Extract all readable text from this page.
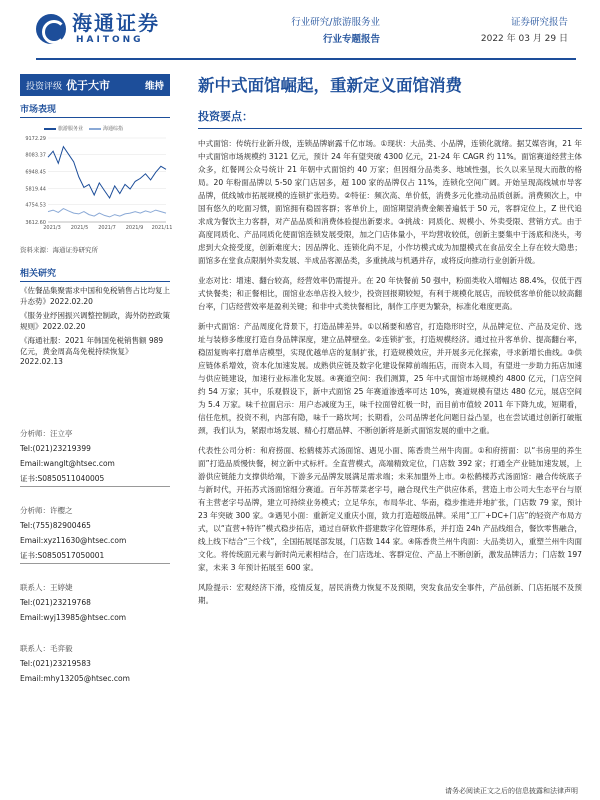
海通证券
HAITONG
行业研究/旅游服务业
行业专题报告
证券研究报告
2022 年 03 月 29 日
投资评级 优于大市	维持 新中式面馆崛起，重新定义面馆消费
市场表现
旅游服务业	海通综指
9172.29
8083.37
6948.45
5819.44
4754.53
3612.60
2021/3 2021/5 2021/7 2021/9 2021/11
资料来源：海通证券研究所
相关研究
《佐餐品集聚需求中国和免税销售占比均复上升态势》2022.02.20
《服务业纾困振兴调整控制政，海外防控政策规则》2022.02.20
《海通社服：2021 年韩国免税销售额 989 亿元，黄金周高岛免税持续恢复》2022.02.13
分析师：汪立亭
Tel:(021)23219399
Email:wanglt@htsec.com
证书:S0850511040005
分析师：许樱之
Tel:(755)82900465
Email:xyz11630@htsec.com
证书:S0850517050001
联系人：王婷婕
Tel:(021)23219768
Email:wyj13985@htsec.com
联系人：毛弈毅
Tel:(021)23219583
Email:mhy13205@htsec.com
投资要点：

中式面馆：传统行业新升级，连锁品牌崭露千亿市场。①现状：大品类、小品牌，连锁化就绪。据艾媒咨询，21 年中式面馆市场规模约 3121 亿元，预计 24 年有望突破 4300 亿元，21-24 年 CAGR 约 11%。面馆赛道经营主体众多，红餐网公众号统计 21 年朝中式面馆约 40 万家；但因细分品类多、地域性强，长久以来呈现大而散的格局。20 年粉面品牌以 5-50 家门店居多，超 100 家的品牌仅占 11%，连锁化空间广阔。开始呈现高线城市导客品牌，低线城市拓展规模的连锁扩张趋势。②特征：频次高、单价低，消费多元化推动品质创新。消费频次上，中国有悠久的吃面习惯，面馆拥有稳固客群；客单价上，面馆期望消费金额普遍低于 50 元，客群定位上，Z 世代追求成为餐饮主力客群，对产品品质和消费体验提出新要求。③挑战：同质化、规模小、外卖受限、营销方式。由于高度同质化、产品同质化使面馆连锁发展受限，加之门店体量小，平均营收较低，创新主要集中于汤底和浇头，考虑到大众接受度，创新难度大；因品牌化、连锁化尚不足，小作坊模式成为加盟模式在食品安全上存在较大隐患；面馆多在堂食点限制外卖发展、半成品客源品类，多重挑战与机遇并存，或将反向推动行业创新升级。

业态对比：增速、翻台较高，经营效率仍需提升。在 20 年快餐前 50 强中，粉面类收入增幅达 88.4%，仅低于西式快餐类；和正餐相比，面馆业态单店投入较少，投资回报期较短，有利于规模化展店，而较低客单价能以较高翻台率，门店经营效率是盈利关键；和非中式类快餐相比，制作工序更为繁杂，标准化难度更高。

新中式面馆：产品周度化背景下，打造品牌差异。①以稀要和感官，打造隐形时空，从品牌定位、产品及定价、选址与装修多维度打造自身品牌深度，建立品牌壁垒。②连锁扩张，打造规模经济。通过拉升客单价、提高翻台率，稳固复购率打磨单店模型，实现优越单店的复制扩张，打造规模效应，并开展多元化探索，寻求新增长曲线。③供应链体系增效，资本化加速发展。成熟供应链及数字化建设保障前端拓店，而资本入局，有望进一步助力拓店加速与供应链建设，加速行业标准化发展。④赛道空间：我们测算，25 年中式面馆市场规模约 4800 亿元，门店空间约 54 万家；其中，乐观假设下，新中式面馆 25 年赛道渗透率可达 10%，赛道规模有望达 480 亿元，展店空间为 5.4 万家。味千拉面启示：用户态减度为王，味千拉面曾红极一时，而目前市值较 2011 年下降九成，短期看，信任危机，投资不利，内部有隐，味千一路坎坷；长期看，公司品牌老化问题日益凸显，也在尝试通过创新打破瓶颈，我们认为，紧跟市场发展、精心打磨品牌、不断创新将是新式面馆发展的重中之重。

代表性公司分析：和府捞面、松鹤楼苏式汤面馆、遇见小面、陈香贵兰州牛肉面。①和府捞面：以“书房里的养生面”打造品质慢快餐，树立新中式标杆。全直营模式，高端精致定位，门店数 392 家；打通全产业链加速发展，上游供应链能力支撑供给端，下游多元品牌发展满足需求端；未来加盟外上市。②松鹤楼苏式汤面馆：融合传统底子与新时代，开拓苏式汤面馆细分赛道。百年苏帮菜老字号，融合现代生产供应体系，营造上市公司大生态平台与原有主营老字号品牌，建立可持续业务模式；立足华东，布局华北、华南，稳步推进并地扩张，门店数 79 家，预计 23 年突破 300 家。③遇见小面：重新定义重庆小面，致力打造超级品牌。采用“工厂+DC+门店”的轻资产布局方式，以“直营+特许”模式稳步拓店，通过自研软件搭建数字化管理体系，并打造 24h 产品线组合，餐饮零售融合，线上线下结合“三个线”，全国拓展尾部发展，门店数 144 家。④陈香贵兰州牛肉面：大品类切入，重塑兰州牛肉面文化。将传统面元素与新时尚元素相结合，在门店选址、客群定位、产品上不断创新，激发品牌活力；门店数 197 家，未来 3 年预计拓展至 600 家。

风险提示：宏观经济下滑，疫情反复，居民消费力恢复不及预期，突发食品安全事件，产品创新、门店拓展不及预期。

请务必阅读正文之后的信息披露和法律声明
